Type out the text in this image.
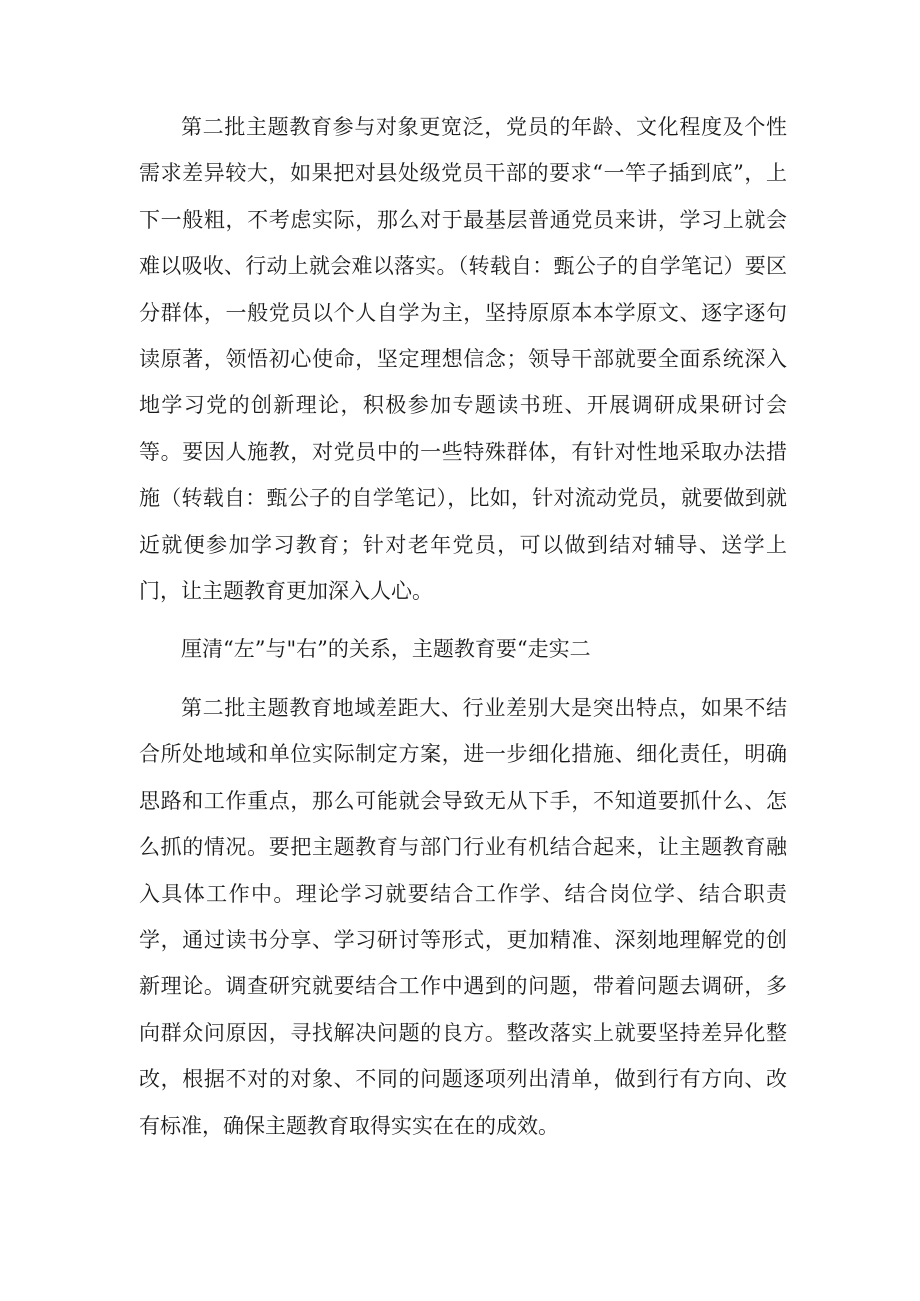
第二批主题教育参与对象更宽泛，党员的年龄、文化程度及个性需求差异较大，如果把对县处级党员干部的要求“一竿子插到底”，上下一般粗，不考虑实际，那么对于最基层普通党员来讲，学习上就会难以吸收、行动上就会难以落实。（转载自：甄公子的自学笔记）要区分群体，一般党员以个人自学为主，坚持原原本本学原文、逐字逐句读原著，领悟初心使命，坚定理想信念；领导干部就要全面系统深入地学习党的创新理论，积极参加专题读书班、开展调研成果研讨会等。要因人施教，对党员中的一些特殊群体，有针对性地采取办法措施（转载自：甄公子的自学笔记），比如，针对流动党员，就要做到就近就便参加学习教育；针对老年党员，可以做到结对辅导、送学上门，让主题教育更加深入人心。

厘清“左”与"右”的关系，主题教育要“走实二

第二批主题教育地域差距大、行业差别大是突出特点，如果不结合所处地域和单位实际制定方案，进一步细化措施、细化责任，明确思路和工作重点，那么可能就会导致无从下手，不知道要抓什么、怎么抓的情况。要把主题教育与部门行业有机结合起来，让主题教育融入具体工作中。理论学习就要结合工作学、结合岗位学、结合职责学，通过读书分享、学习研讨等形式，更加精准、深刻地理解党的创新理论。调查研究就要结合工作中遇到的问题，带着问题去调研，多向群众问原因，寻找解决问题的良方。整改落实上就要坚持差异化整改，根据不对的对象、不同的问题逐项列出清单，做到行有方向、改有标准，确保主题教育取得实实在在的成效。
